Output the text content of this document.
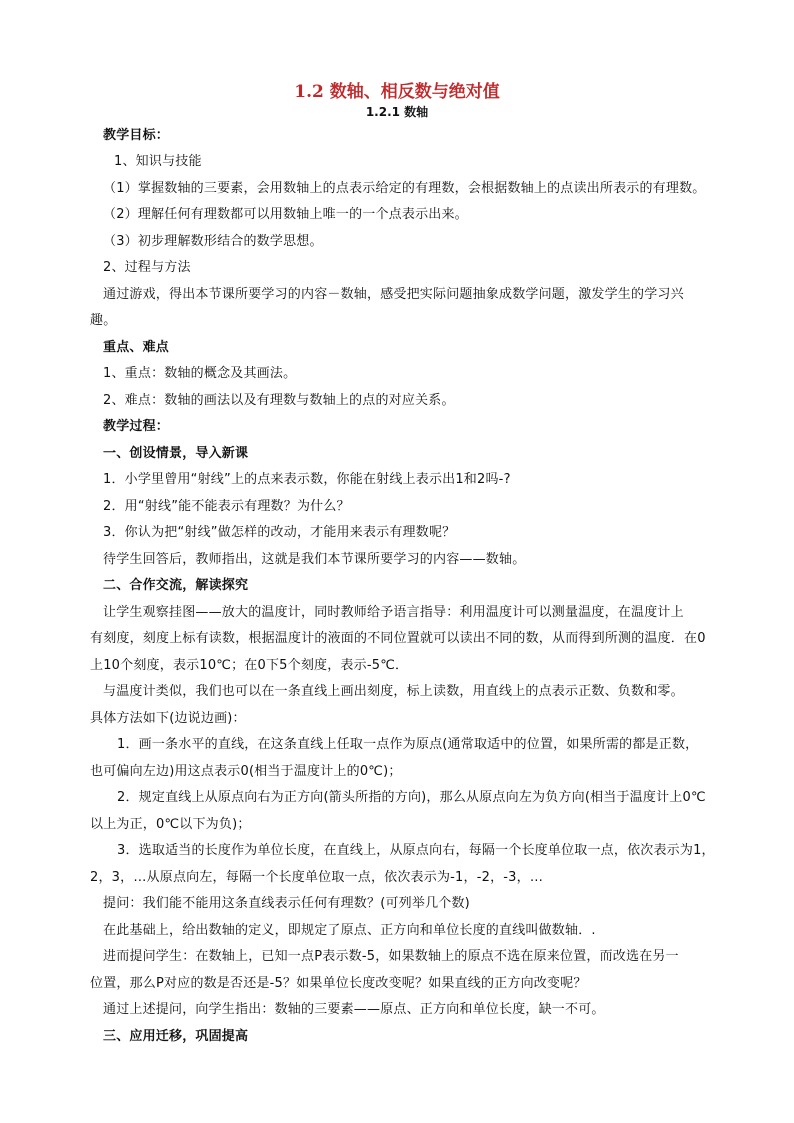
1.2 数轴、相反数与绝对值
1.2.1 数轴
教学目标：
1、知识与技能
（1）掌握数轴的三要素，会用数轴上的点表示给定的有理数，会根据数轴上的点读出所表示的有理数。
（2）理解任何有理数都可以用数轴上唯一的一个点表示出来。
（3）初步理解数形结合的数学思想。
2、过程与方法
通过游戏，得出本节课所要学习的内容－数轴，感受把实际问题抽象成数学问题，激发学生的学习兴
趣。
重点、难点
1、重点：数轴的概念及其画法。
2、难点：数轴的画法以及有理数与数轴上的点的对应关系。
教学过程：
一、创设情景，导入新课
1．小学里曾用“射线”上的点来表示数，你能在射线上表示出1和2吗-?
2．用“射线”能不能表示有理数？为什么？
3．你认为把“射线”做怎样的改动，才能用来表示有理数呢？
待学生回答后，教师指出，这就是我们本节课所要学习的内容——数轴。
二、合作交流，解读探究
让学生观察挂图——放大的温度计，同时教师给予语言指导：利用温度计可以测量温度，在温度计上
有刻度，刻度上标有读数，根据温度计的液面的不同位置就可以读出不同的数，从而得到所测的温度．在0
上10个刻度，表示10℃；在0下5个刻度，表示-5℃．
与温度计类似，我们也可以在一条直线上画出刻度，标上读数，用直线上的点表示正数、负数和零。
具体方法如下(边说边画)：
1．画一条水平的直线，在这条直线上任取一点作为原点(通常取适中的位置，如果所需的都是正数，
也可偏向左边)用这点表示0(相当于温度计上的0℃)；
2．规定直线上从原点向右为正方向(箭头所指的方向)，那么从原点向左为负方向(相当于温度计上0℃
以上为正，0℃以下为负)；
3．选取适当的长度作为单位长度，在直线上，从原点向右，每隔一个长度单位取一点，依次表示为1，
2，3，…从原点向左，每隔一个长度单位取一点，依次表示为-1，-2，-3，…
提问：我们能不能用这条直线表示任何有理数？(可列举几个数)
在此基础上，给出数轴的定义，即规定了原点、正方向和单位长度的直线叫做数轴．.
进而提问学生：在数轴上，已知一点P表示数-5，如果数轴上的原点不选在原来位置，而改选在另一
位置，那么P对应的数是否还是-5？如果单位长度改变呢？如果直线的正方向改变呢？
通过上述提问，向学生指出：数轴的三要素——原点、正方向和单位长度，缺一不可。
三、应用迁移，巩固提高
